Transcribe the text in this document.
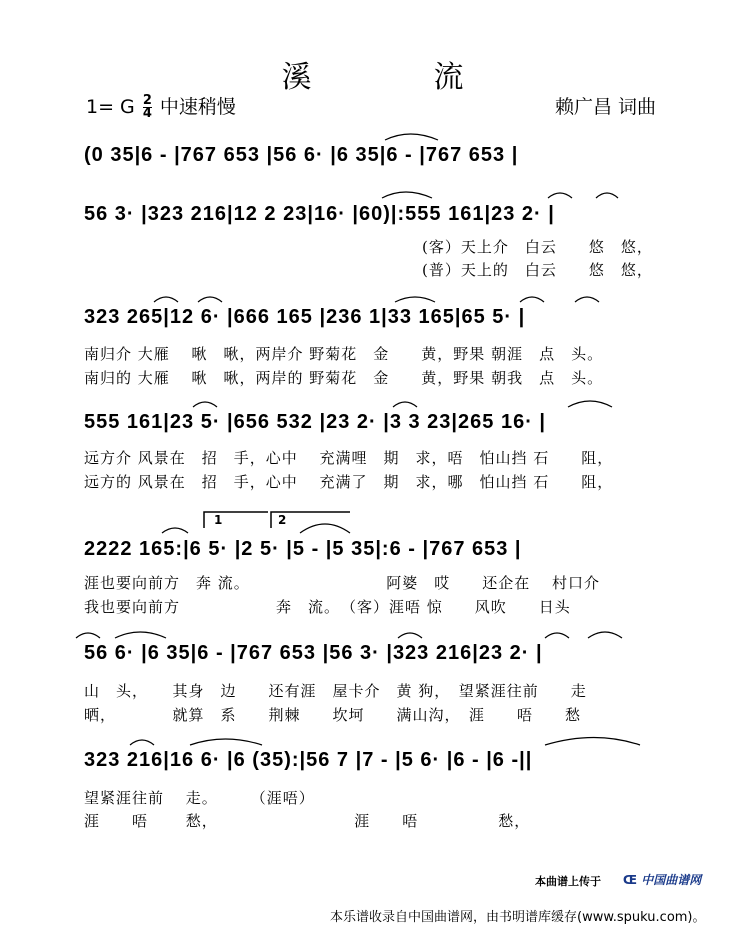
溪　流
1= G $\frac{2}{4}$ 中速稍慢	赖广昌 词曲
(0 35|6 - |767 653 |56 6· |6 35|6 - |767 653 |
56 3· |323 216|12 2 23|16· |60)|:555 161|23 2· |
(客）天上介　白云　　悠　悠，
(普）天上的　白云　　悠　悠，
323 265|12 6· |666 165 |236 1|33 165|65 5· |
南归介 大雁　 啾　啾，两岸介 野菊花　金　　黄，野果 朝涯　点　头。
南归的 大雁　 啾　啾，两岸的 野菊花　金　　黄，野果 朝我　点　头。
555 161|23 5· |656 532 |23 2· |3 3 23|265 16· |
远方介 风景在　招　手，心中　 充满哩　期　求，唔　怕山挡 石　　阻，
远方的 风景在　招　手，心中　 充满了　期　求，哪　怕山挡 石　　阻，
1	2
2222 165:|6 5· |2 5· |5 - |5 35|:6 - |767 653 |
涯也要向前方　奔 流。　　　　　　　　　阿婆　哎　　还企在　 村口介
我也要向前方　　　　　　奔　流。　（客）涯唔 惊　　风吹　　日头
56 6· |6 35|6 - |767 653 |56 3· |323 216|23 2· |
山　头，　　其身　边　　还有涯　屋卡介　黄 狗，　望紧涯往前　　走
晒，　　　　就算　系　　荆棘　　坎坷　　满山沟，　涯　　唔　　愁
323 216|16 6· |6 (35):|56 7 |7 - |5 6· |6 - |6 -||
望紧涯往前　 走。　　　（涯唔）
涯　　唔　　 愁，　　　　　　　　　涯　　唔　　　　　愁，
本曲谱上传于 Œ 中国曲谱网
本乐谱收录自中国曲谱网，由书明谱库缓存(www.spuku.com)。
